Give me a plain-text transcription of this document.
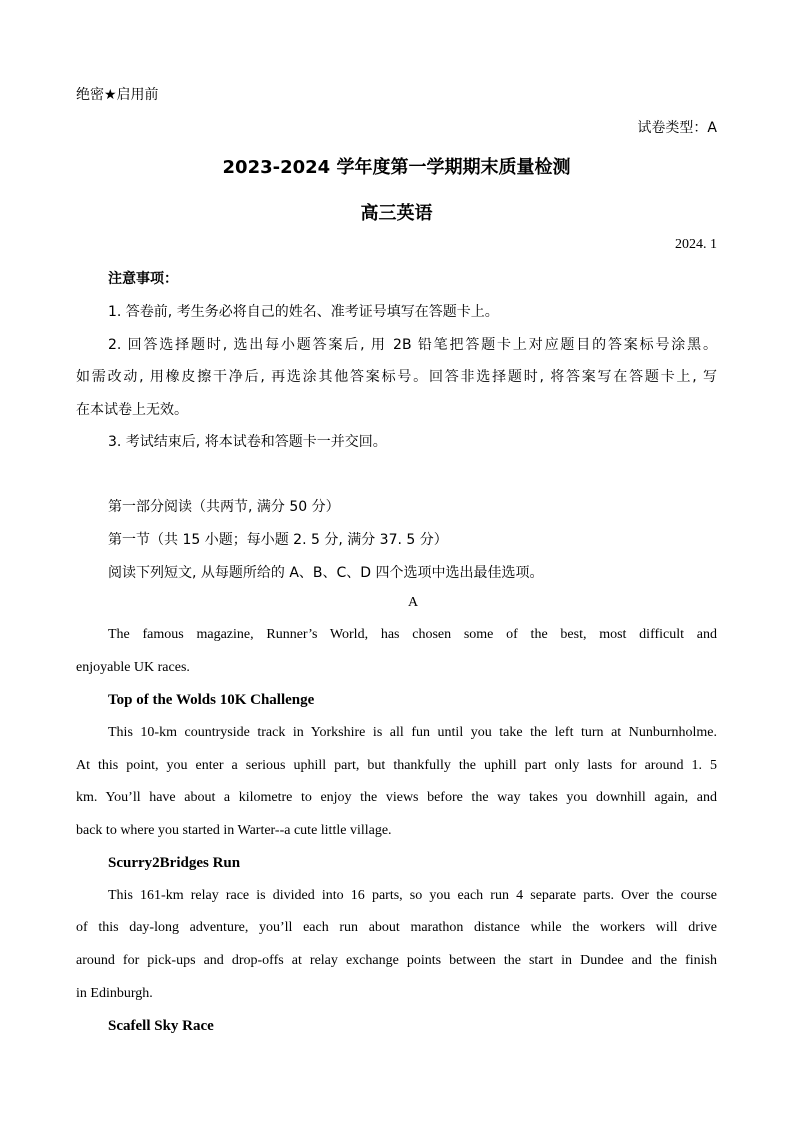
绝密★启用前
试卷类型：A
2023-2024 学年度第一学期期末质量检测
高三英语
2024. 1
注意事项：
1. 答卷前, 考生务必将自己的姓名、准考证号填写在答题卡上。
2. 回答选择题时, 选出每小题答案后, 用 2B 铅笔把答题卡上对应题目的答案标号涂黑。
如需改动, 用橡皮擦干净后, 再选涂其他答案标号。回答非选择题时, 将答案写在答题卡上, 写
在本试卷上无效。
3. 考试结束后, 将本试卷和答题卡一并交回。
第一部分阅读（共两节, 满分 50 分）
第一节（共 15 小题；每小题 2. 5 分, 满分 37. 5 分）
阅读下列短文, 从每题所给的 A、B、C、D 四个选项中选出最佳选项。
A
The famous magazine, Runner’s World, has chosen some of the best, most difficult and
enjoyable UK races.
Top of the Wolds 10K Challenge
This 10-km countryside track in Yorkshire is all fun until you take the left turn at Nunburnholme.
At this point, you enter a serious uphill part, but thankfully the uphill part only lasts for around 1. 5
km. You’ll have about a kilometre to enjoy the views before the way takes you downhill again, and
back to where you started in Warter--a cute little village.
Scurry2Bridges Run
This 161-km relay race is divided into 16 parts, so you each run 4 separate parts. Over the course
of this day-long adventure, you’ll each run about marathon distance while the workers will drive
around for pick-ups and drop-offs at relay exchange points between the start in Dundee and the finish
in Edinburgh.
Scafell Sky Race
